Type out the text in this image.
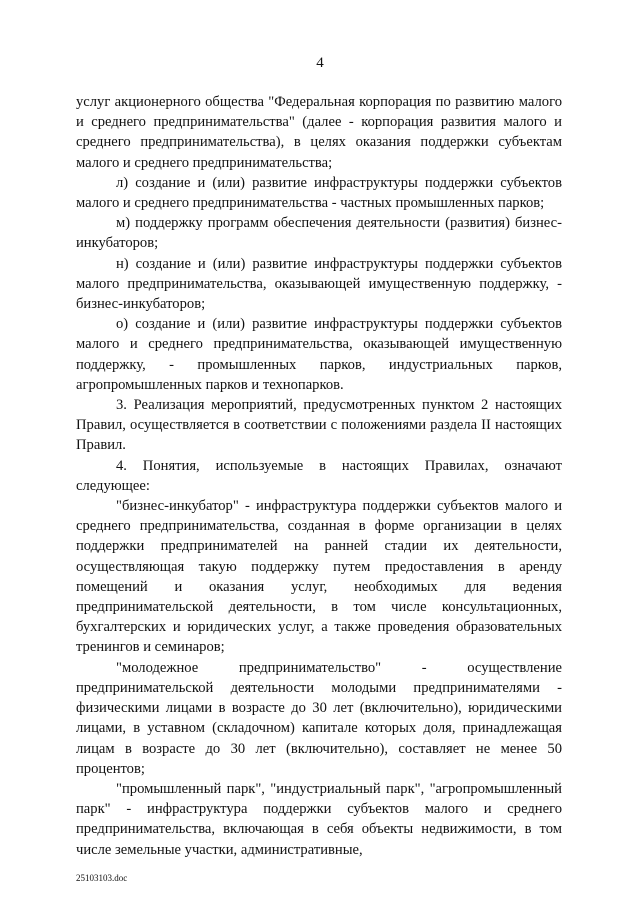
4

услуг акционерного общества "Федеральная корпорация по развитию малого и среднего предпринимательства" (далее - корпорация развития малого и среднего предпринимательства), в целях оказания поддержки субъектам малого и среднего предпринимательства;

л) создание и (или) развитие инфраструктуры поддержки субъектов малого и среднего предпринимательства - частных промышленных парков;

м) поддержку программ обеспечения деятельности (развития) бизнес-инкубаторов;

н) создание и (или) развитие инфраструктуры поддержки субъектов малого предпринимательства, оказывающей имущественную поддержку, - бизнес-инкубаторов;

о) создание и (или) развитие инфраструктуры поддержки субъектов малого и среднего предпринимательства, оказывающей имущественную поддержку, - промышленных парков, индустриальных парков, агропромышленных парков и технопарков.

3. Реализация мероприятий, предусмотренных пунктом 2 настоящих Правил, осуществляется в соответствии с положениями раздела II настоящих Правил.

4. Понятия, используемые в настоящих Правилах, означают следующее:

"бизнес-инкубатор" - инфраструктура поддержки субъектов малого и среднего предпринимательства, созданная в форме организации в целях поддержки предпринимателей на ранней стадии их деятельности, осуществляющая такую поддержку путем предоставления в аренду помещений и оказания услуг, необходимых для ведения предпринимательской деятельности, в том числе консультационных, бухгалтерских и юридических услуг, а также проведения образовательных тренингов и семинаров;

"молодежное предпринимательство" - осуществление предпринимательской деятельности молодыми предпринимателями - физическими лицами в возрасте до 30 лет (включительно), юридическими лицами, в уставном (складочном) капитале которых доля, принадлежащая лицам в возрасте до 30 лет (включительно), составляет не менее 50 процентов;

"промышленный парк", "индустриальный парк", "агропромышленный парк" - инфраструктура поддержки субъектов малого и среднего предпринимательства, включающая в себя объекты недвижимости, в том числе земельные участки, административные,

25103103.doc
